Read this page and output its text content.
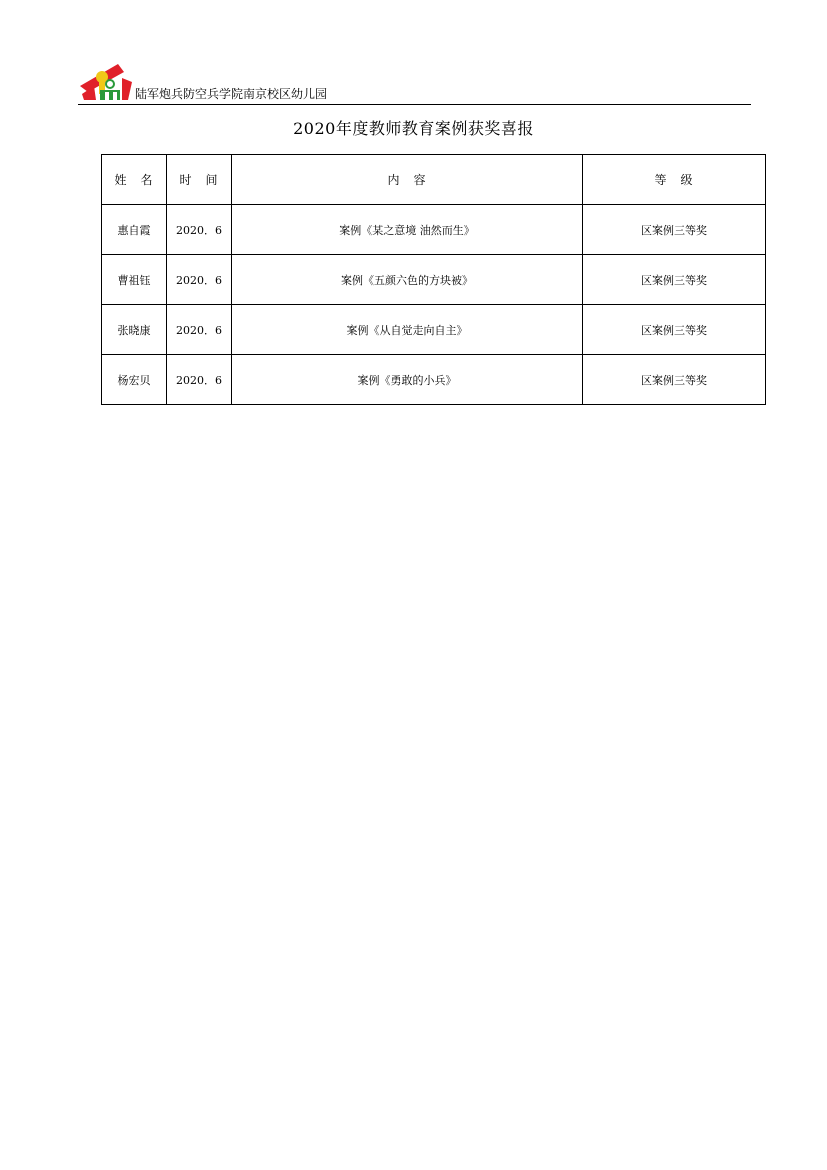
陆军炮兵防空兵学院南京校区幼儿园
2020年度教师教育案例获奖喜报
姓　名	时　间	内　容	等　级
惠自霞	2020．6	案例《某之意境 油然而生》	区案例三等奖
曹祖钰	2020．6	案例《五颜六色的方块被》	区案例三等奖
张晓康	2020．6	案例《从自觉走向自主》	区案例三等奖
杨宏贝	2020．6	案例《勇敢的小兵》	区案例三等奖
